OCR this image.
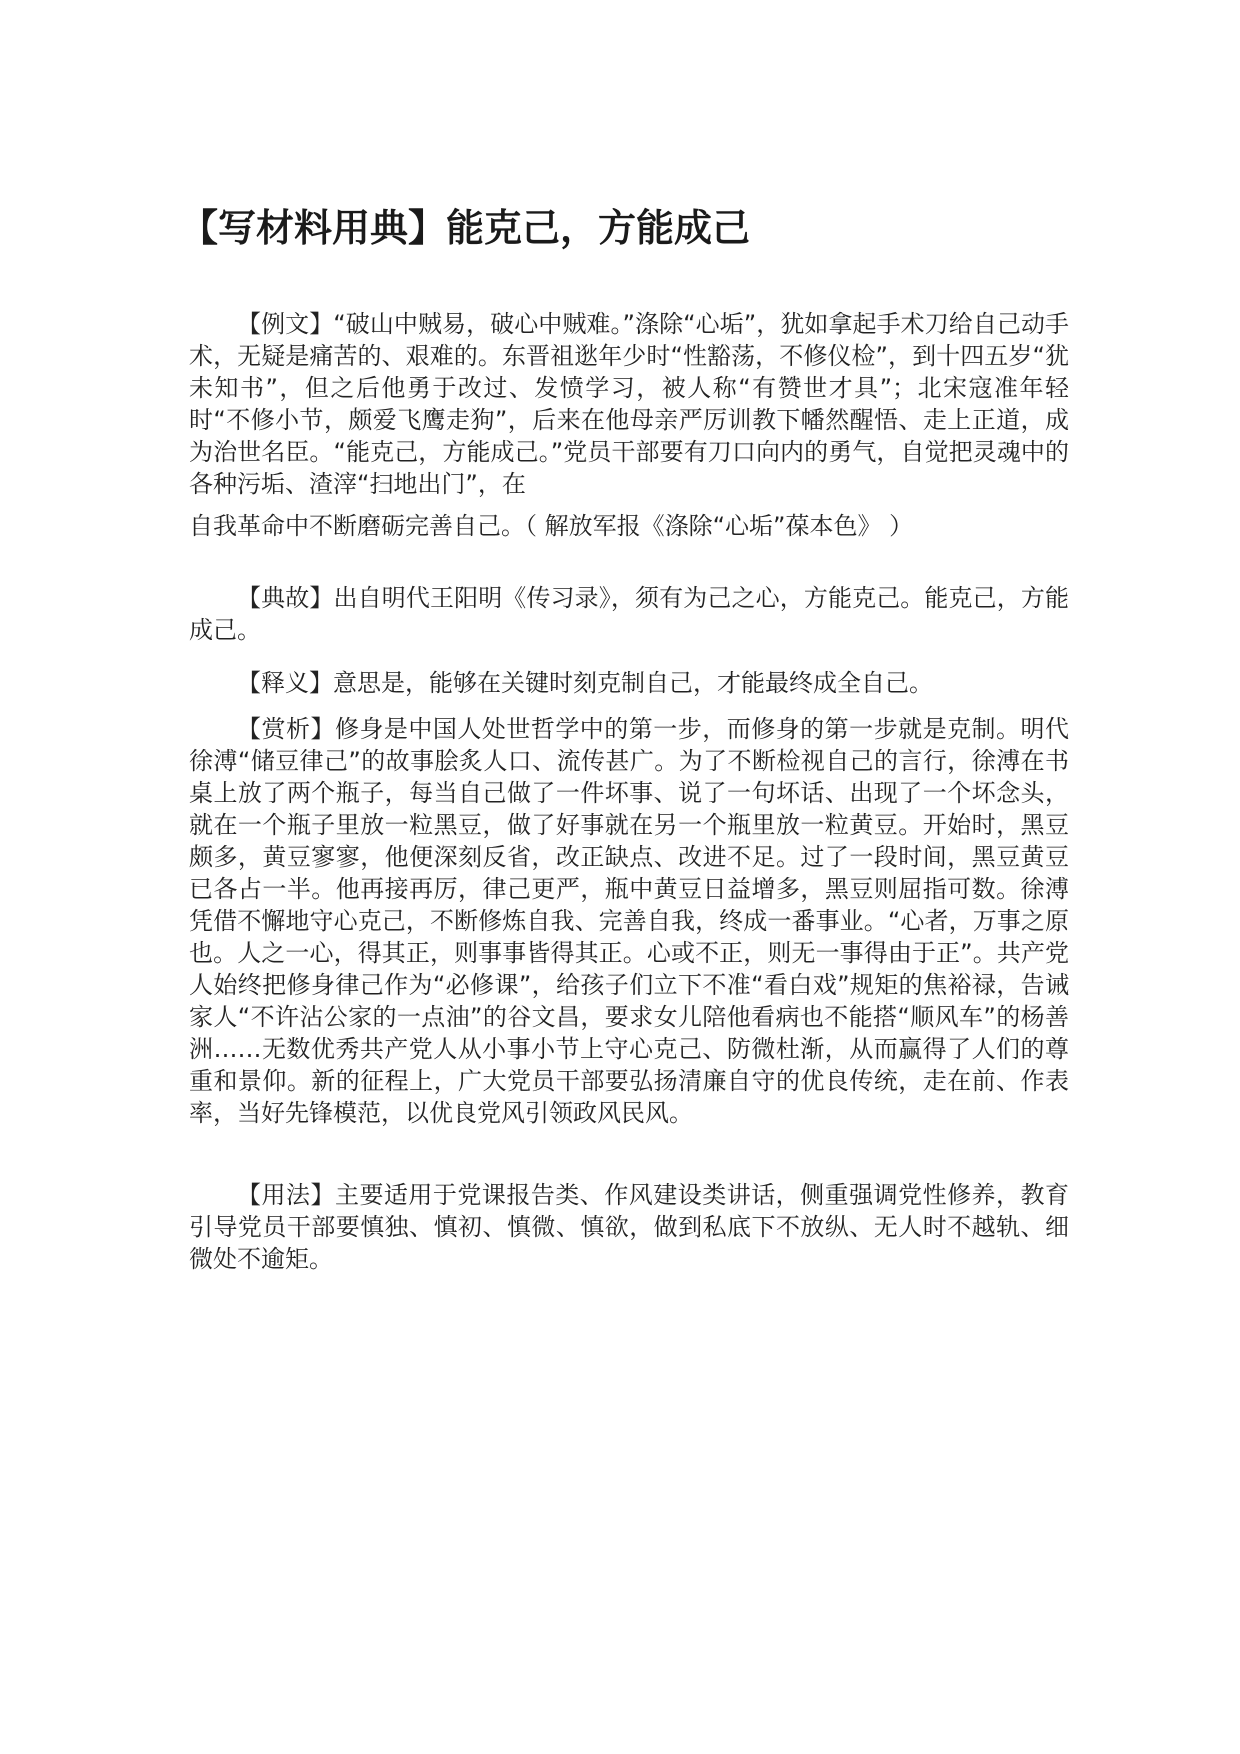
【写材料用典】能克己，方能成己

【例文】“破山中贼易，破心中贼难。”涤除“心垢”，犹如拿起手术刀给自己动手术，无疑是痛苦的、艰难的。东晋祖逖年少时“性豁荡，不修仪检”，到十四五岁“犹未知书”，但之后他勇于改过、发愤学习，被人称“有赞世才具”；北宋寇准年轻时“不修小节，颇爱飞鹰走狗”，后来在他母亲严厉训教下幡然醒悟、走上正道，成为治世名臣。“能克己，方能成己。”党员干部要有刀口向内的勇气，自觉把灵魂中的各种污垢、渣滓“扫地出门”，在
自我革命中不断磨砺完善自己。（ 解放军报《涤除“心垢”葆本色》 ）

【典故】出自明代王阳明《传习录》，须有为己之心，方能克己。能克己，方能成己。

【释义】意思是，能够在关键时刻克制自己，才能最终成全自己。

【赏析】修身是中国人处世哲学中的第一步，而修身的第一步就是克制。明代徐溥“储豆律己”的故事脍炙人口、流传甚广。为了不断检视自己的言行，徐溥在书桌上放了两个瓶子，每当自己做了一件坏事、说了一句坏话、出现了一个坏念头，就在一个瓶子里放一粒黑豆，做了好事就在另一个瓶里放一粒黄豆。开始时，黑豆颇多，黄豆寥寥，他便深刻反省，改正缺点、改进不足。过了一段时间，黑豆黄豆已各占一半。他再接再厉，律己更严，瓶中黄豆日益增多，黑豆则屈指可数。徐溥凭借不懈地守心克己，不断修炼自我、完善自我，终成一番事业。“心者，万事之原也。人之一心，得其正，则事事皆得其正。心或不正，则无一事得由于正”。共产党人始终把修身律己作为“必修课”，给孩子们立下不准“看白戏”规矩的焦裕禄，告诫家人“不许沾公家的一点油”的谷文昌，要求女儿陪他看病也不能搭“顺风车”的杨善洲……无数优秀共产党人从小事小节上守心克己、防微杜渐，从而赢得了人们的尊重和景仰。新的征程上，广大党员干部要弘扬清廉自守的优良传统，走在前、作表率，当好先锋模范，以优良党风引领政风民风。

【用法】主要适用于党课报告类、作风建设类讲话，侧重强调党性修养，教育引导党员干部要慎独、慎初、慎微、慎欲，做到私底下不放纵、无人时不越轨、细微处不逾矩。
